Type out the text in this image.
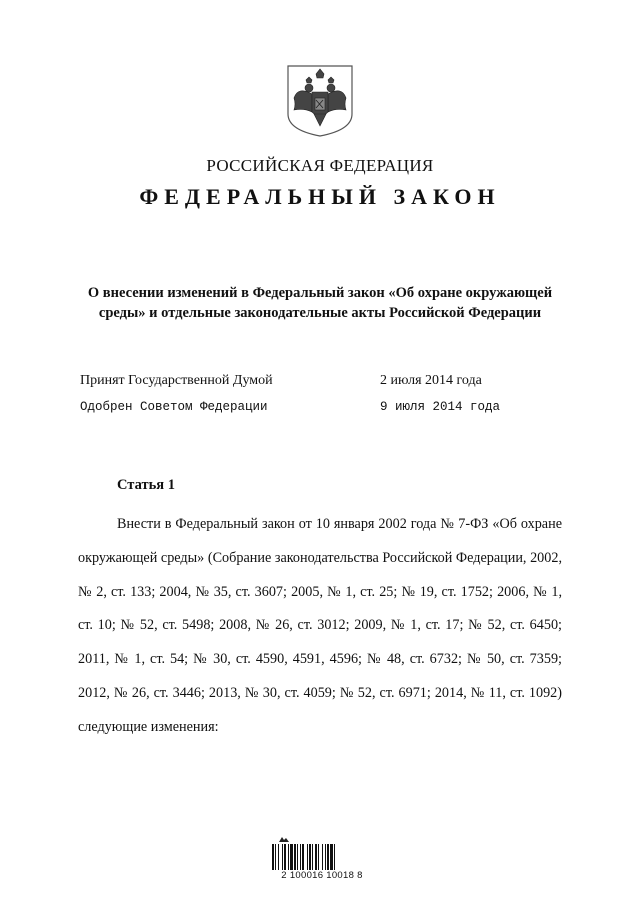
РОССИЙСКАЯ ФЕДЕРАЦИЯ
ФЕДЕРАЛЬНЫЙ ЗАКОН
О внесении изменений в Федеральный закон «Об охране окружающей
среды» и отдельные законодательные акты Российской Федерации
Принят Государственной Думой	2 июля 2014 года
Одобрен Советом Федерации	9 июля 2014 года
Статья 1

Внести в Федеральный закон от 10 января 2002 года № 7-ФЗ «Об охране окружающей среды» (Собрание законодательства Российской Федерации, 2002, № 2, ст. 133; 2004, № 35, ст. 3607; 2005, № 1, ст. 25; № 19, ст. 1752; 2006, № 1, ст. 10; № 52, ст. 5498; 2008, № 26, ст. 3012; 2009, № 1, ст. 17; № 52, ст. 6450; 2011, № 1, ст. 54; № 30, ст. 4590, 4591, 4596; № 48, ст. 6732; № 50, ст. 7359; 2012, № 26, ст. 3446; 2013, № 30, ст. 4059; № 52, ст. 6971; 2014, № 11, ст. 1092) следующие изменения:

2 100016 10018 8
